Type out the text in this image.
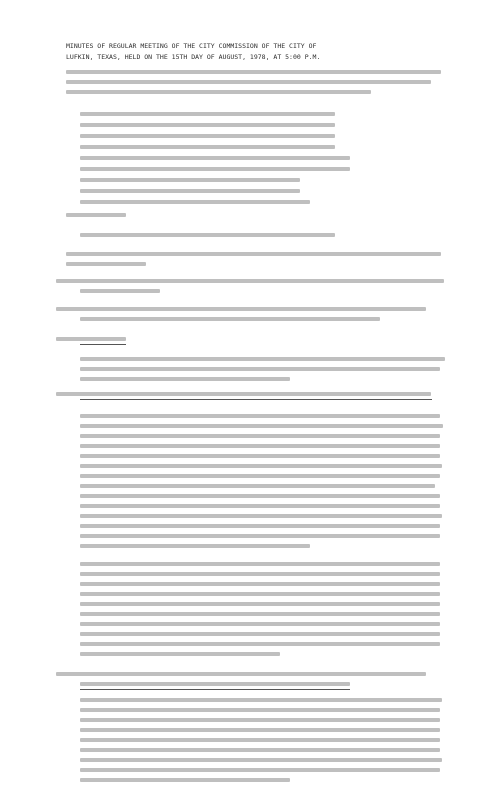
MINUTES OF REGULAR MEETING OF THE CITY COMMISSION OF THE CITY OF
LUFKIN, TEXAS, HELD ON THE 15TH DAY OF AUGUST, 1978, AT 5:00 P.M.
